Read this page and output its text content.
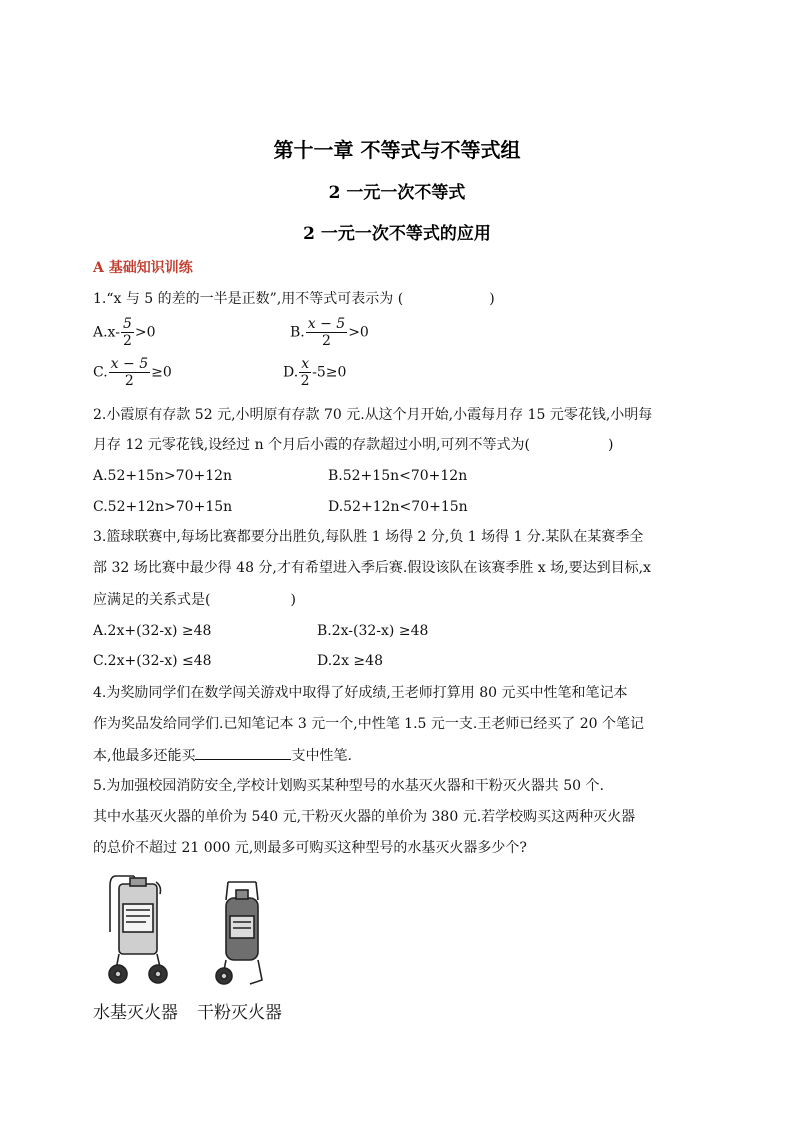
第十一章 不等式与不等式组
2 一元一次不等式
2 一元一次不等式的应用
A 基础知识训练
1.“x 与 5 的差的一半是正数”,用不等式可表示为 (	)
$A.x- \frac{5}{2} >0$	B. $\frac{x - 5}{2} >0$
C. $\frac{x - 5}{2} \ge 0$	D. $\frac{x}{2} -5\ge 0$
2.小霞原有存款 52 元,小明原有存款 70 元.从这个月开始,小霞每月存 15 元零花钱,小明每
月存 12 元零花钱,设经过 n 个月后小霞的存款超过小明,可列不等式为(	)
A.52+15n>70+12n	B.52+15n<70+12n
C.52+12n>70+15n	D.52+12n<70+15n
3.篮球联赛中,每场比赛都要分出胜负,每队胜 1 场得 2 分,负 1 场得 1 分.某队在某赛季全
部 32 场比赛中最少得 48 分,才有希望进入季后赛.假设该队在该赛季胜 x 场,要达到目标,x
应满足的关系式是(	)
A.2x+(32-x) ≥48	B.2x-(32-x) ≥48
C.2x+(32-x) ≤48	D.2x ≥48
4.为奖励同学们在数学闯关游戏中取得了好成绩,王老师打算用 80 元买中性笔和笔记本
作为奖品发给同学们.已知笔记本 3 元一个,中性笔 1.5 元一支.王老师已经买了 20 个笔记
本,他最多还能买	支中性笔.
5.为加强校园消防安全,学校计划购买某种型号的水基灭火器和干粉灭火器共 50 个.
其中水基灭火器的单价为 540 元,干粉灭火器的单价为 380 元.若学校购买这两种灭火器
的总价不超过 21 000 元,则最多可购买这种型号的水基灭火器多少个?
水基灭火器 干粉灭火器
